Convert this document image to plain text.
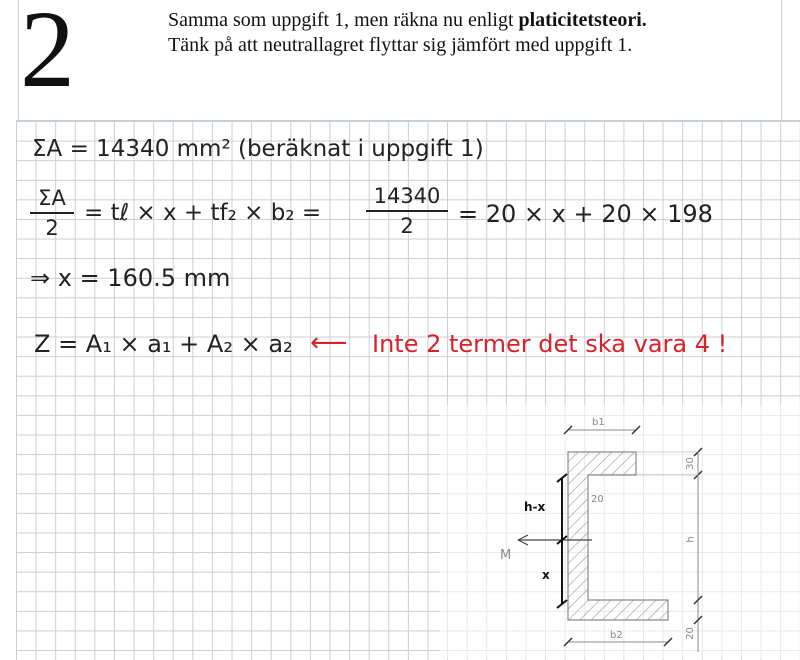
2	Samma som uppgift 1, men räkna nu enligt platicitetsteori.
Tänk på att neutrallagret flyttar sig jämfört med uppgift 1.
ΣA = 14340 mm² (beräknat i uppgift 1)
ΣA
2
= tℓ × x + tf₂ × b₂ =
14340
2	= 20 × x + 20 × 198
⇒ x = 160.5 mm
Z = A₁ × a₁ + A₂ × a₂ ⟵ Inte 2 termer det ska vara 4 !
b1
b2
30
20
20
h
M
h-x
x
